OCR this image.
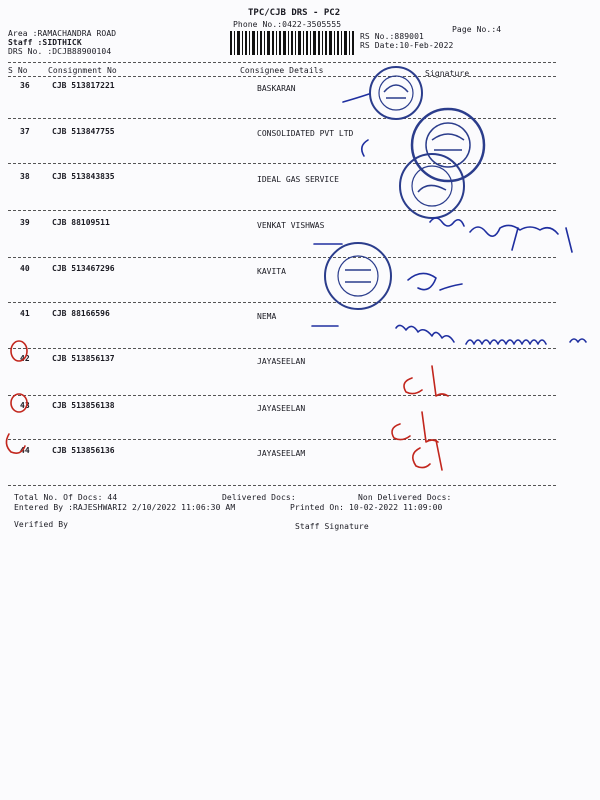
TPC/CJB DRS - PC2
Phone No.:0422-3505555
Page No.:4
Area :RAMACHANDRA ROAD
Staff :SIDTHICK
DRS No. :DCJB88900104
RS No.:889001
RS Date:10-Feb-2022
S No	Consignment No	Consignee Details	Signature
36	CJB 513817221	BASKARAN
37	CJB 513847755	CONSOLIDATED PVT LTD
38	CJB 513843835	IDEAL GAS SERVICE
39	CJB 88109511	VENKAT VISHWAS
40	CJB 513467296	KAVITA
41	CJB 88166596	NEMA
42	CJB 513856137	JAYASEELAN
43	CJB 513856138	JAYASEELAN
44	CJB 513856136	JAYASEELAM
Total No. Of Docs: 44	Delivered Docs:	Non Delivered Docs:
Entered By :RAJESHWARI2 2/10/2022 11:06:30 AM	Printed On: 10-02-2022 11:09:00
Verified By	Staff Signature
